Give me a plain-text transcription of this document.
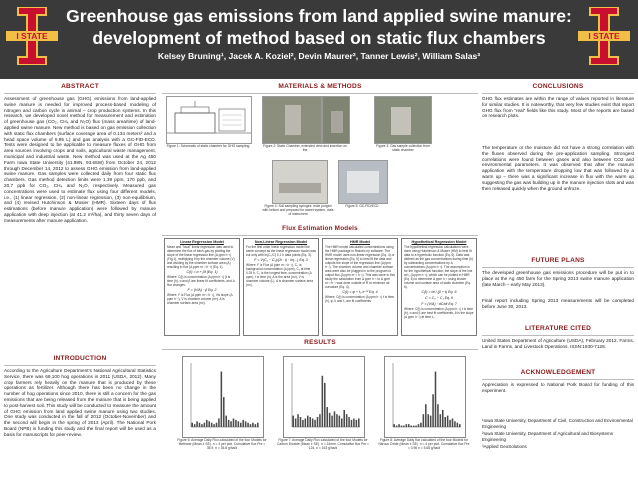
I STATE
Greenhouse gas emissions from land applied swine manure:
development of method based on static flux chambers
Kelsey Bruning¹, Jacek A. Koziel², Devin Maurer², Tanner Lewis², William Salas³
I STATE
ABSTRACT
Assessment of greenhouse gas (GHG) emissions from land-applied swine manure is needed for improved process-based modeling of nitrogen and carbon cycle in animal – crop production systems. In this research, we developed novel method for measurement and estimation of greenhouse gas (CO₂, CH₄ and N₂O) flux (mass area/time) of land-applied swine manure. New method is based on gas emission collection with static flux chambers (surface coverage area of 0.134 meters² and a head space volume of 6.95 L) and gas analysis with a GC-FID-ECD. Tests were designed to be applicable to measure fluxes of GHG from area sources involving crops and soils, agricultural waste management, municipal and industrial waste. New method was used at the Ag 450 Farm Iowa State University (41.98N, 93.65W) from October 24, 2012 through December 14, 2012 to assess GHG emission from land-applied swine manure. Gas samples were collected daily from four static flux chambers. Gas method detection limits were 1.39 ppm, 170 ppb, and 20.7 ppb for CO₂, CH₄ and N₂O, respectively. Measured gas concentrations were used to estimate flux using four different models, i.e., (1) linear regression, (2) non-linear regression, (3) non-equilibrium, and (4) revised Hutchinson & Mosier (HMR). Sixteen days of flux estimations (before manure application) were followed by manure application with deep injection (at 41.2 m³/ha), and thirty seven days of measurements after manure application.
INTRODUCTION
According to the Agriculture Department’s National Agricultural Statistics Service, there was 69,100 hog operations in 2011 (USDA, 2012). Many crop farmers rely heavily on the manure that is produced by these operations as fertilizer. Although there has been no change in the number of hog operations since 2010, there is still a concern for the gas emissions that are being released from the manure that is being applied to post-harvest soil. This study will be conducted to measure the amount of GHG emission from land applied swine manure using two studies. One study was conducted in the fall of 2012 (October-November) and the second will begin in the spring of 2013 (April). The National Pork Board (NPB) is funding this study and the final report will be used as a basis for manuscripts for peer-review.
MATERIALS & METHODS
Figure 1: Schematic of static chamber for GHG sampling	Figure 2: Static Chamber, extended view and insertion on the
Figure 3: Gas sample collection from static chamber
Figure 4: Soil sampling syringes: mole purged with helium and prepared for sweet system, vials of instrument
Figure 5: GC-FID/ECD
Flux Estimation Models
Linear Regression Model
Mean and "local" linear regression was used to determine the flux of each gas by plotting the slope of the linear regression line (Δ ppm h⁻¹) (Fig.1), multiplying it by the chamber volume (V) and dividing by the chamber surface area (A) resulting in flux (Δ ppm m⁻² h⁻¹) (Eq. 1).
C(t) = α + βt (Eq. 1)
Where: C(t) is concentration (Δ ppm h⁻¹) (t is time (h), α and β are linear fit coefficients, and Δ flux changes.
F = (V/A) · β Eq. 2
Where: F is Flux (Δ ppm m⁻² h⁻¹), Vis slope (Δ ppm h⁻¹), V is chamber volume (m³), A is chamber surface area (m²).
Non-Linear Regression Model
For the first order linear regression model the same concept as the linear regression model was but only with ln(C₀/C) 0.1 h data points (Eq. 3).
F = V(C₁ − C₀)/(A · t) · ln(...) Eq. 3
Where: F is Flux (Δ ppm m⁻² h⁻¹), C₀ is background concentration (Δ ppm), C₁ at time 0.25 h, C₂ is the longest time, concentration (Δ ppm), t is time (h), A is the area (m²), V is chamber volume (L), A is chamber surface area (m²).
HMR Model
The HMR model calculated concentrations using the HMR package in Rstudio by software. The HMR model uses non-linear regression (Eq. 4) or linear regression (Eq. 5) to best fit the data and outputs the slope of the regression line (Δ ppm h⁻¹). The chamber volume and chamber surface area were also be plugged in to the program to output flux (Δ ppm m⁻² h⁻¹). This was done in this study the calculation from Δ ppm h⁻¹ to Δ ppm m⁻² h⁻¹ was done outside of R to minimize all curvature (Eq. 4).
C(t) = φ + f₀ e⁻ᵏᵗ Eq. 4
Where: C(t) is concentration (Δ ppm h⁻¹) t is time (h), φ, k and f₀ are fit coefficients
Hypothetical Regression Model
The hypothetical regression calculations were done using Hutchinson & Mosier (HM) to best fit data to a hyperbolic function (Eq. 6). Data was defined as the gas concentrations during time (h) by subtracting concentrations by Δ concentrations (Δ ppm h⁻¹). The assumption is for the hypothetical function: the slope of the line at t₀ (Δ ppm h⁻¹), which can be plotted in HMR (Eq. 6) to determine Δ ppm h⁻¹ using known volume and surface area of static chamber (Eq. 6).
C(t) = αt / (β + t) Eq. 6
C = C₀ − C₁ Eq. 6
F = (V/A) · dC/dt Eq. 7
Where: C(t) is concentration (Δ ppm h⁻¹) t is time (h), α and β are best fit coefficients, θ is the slope (Δ ppm h⁻¹) at time t₀.
RESULTS
Figure 6: Average Daily Flux calculated of the four Models for Methane (Mean ± SE). n = 4 per plot. Cumulative flux Pre = 35.9, n = 35.8 g/ha/d
Figure 7: Average Daily Flux calculated of the four Models for Carbon Dioxide (Mean ± SE). n = 24mm. Cumulative flux Pre = 124, n = 163 g/ha/d
Figure 8: Average Daily flux calculated of the four Models for Nitrous Oxide (Mean ± SE). n = 4 per plot. Cumulative flux Pre = 0.96 n = 5.68 g/ha/d
CONCLUSIONS
GHG flux estimates are within the range of values reported in literature for similar studies. It is noteworthy, that very few studies exist that report GHG flux from “real” fields like this study. Most of the reports are based on research plots.
The temperature or the moisture did not have a strong correlation with the fluxes observed during the pre-application sampling. Strongest correlations were found between gases and also between CO2 and environmental parameters. It was observed that after the manure application with the temperature dropping low that was followed by a warm up – there was a significant increase in flux with the warm up suggesting the gas was building up in the manure injection slots and was then released quickly when the ground unfroze.
FUTURE PLANS
The developed greenhouse gas emissions procedure will be put in to place at the Ag 450 farm for the Spring 2013 swine manure application (late March – early May 2013).
Final report including Spring 2013 measurements will be completed before June 30, 2013.
LITERATURE CITED
United States Department of Agriculture (USDA), February 2012. Farms, Land in Farms, and Livestock Operations. ISSN:1930-7128.
ACKNOWLEDGEMENT
Appreciation is expressed to National Pork Board for funding of this experiment.
¹Iowa State University, Department of Civil, Construction and Environmental Engineering
²Iowa State University, Department of Agricultural and Biosystems Engineering
³Applied GeoSolutions
